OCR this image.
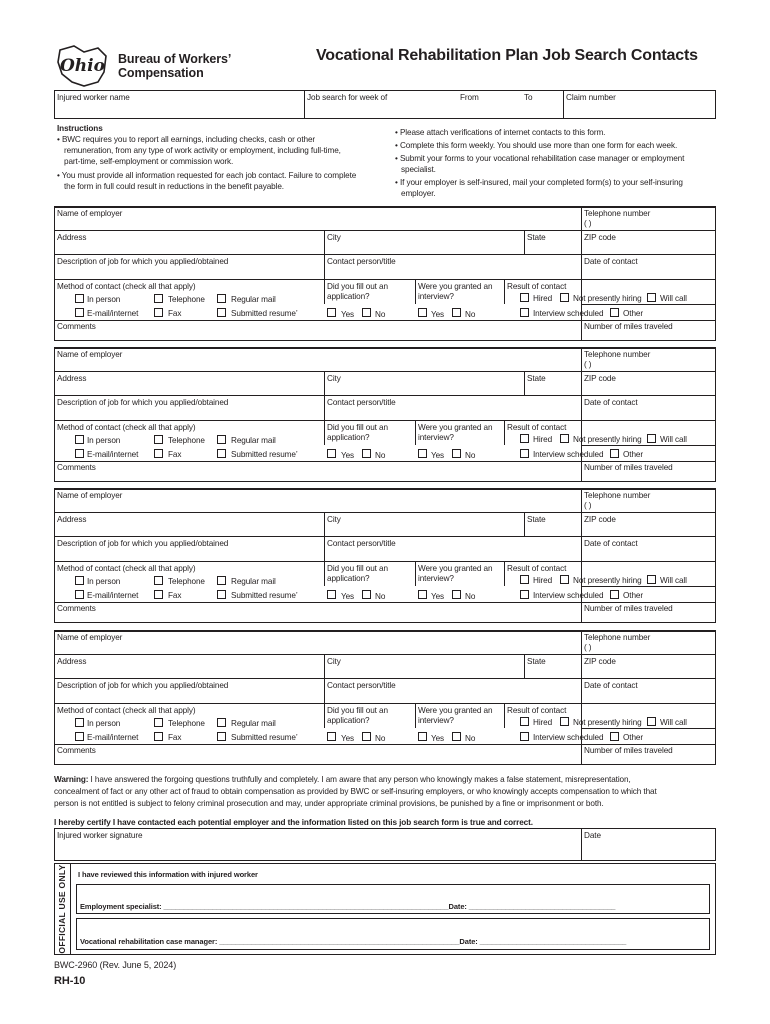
Ohio Bureau of Workers’
Compensation
Vocational Rehabilitation Plan Job Search Contacts
Injured worker name	Job search for week of	From	To	Claim number
Instructions
• BWC requires you to report all earnings, including checks, cash or other
remuneration, from any type of work activity or employment, including full-time,
part-time, self-employment or commission work.
• You must provide all information requested for each job contact. Failure to complete
the form in full could result in reductions in the benefit payable.
• Please attach verifications of internet contacts to this form.
• Complete this form weekly. You should use more than one form for each week.
• Submit your forms to your vocational rehabilitation case manager or employment
specialist.
• If your employer is self-insured, mail your completed form(s) to your self-insuring
employer.
Name of employer	Telephone number
( )
Address	City	State	ZIP code
Description of job for which you applied/obtained	Contact person/title	Date of contact
Method of contact (check all that apply)
In person	Telephone	Regular mail
E-mail/internet	Fax	Submitted resume’
Did you fill out an
application?
Yes	No
Were you granted an
interview?
Yes	No
Result of contact
Hired	Not presently hiring Will call
Interview scheduled Other
Comments	Number of miles traveled
Name of employer	Telephone number
( )
Address	City	State	ZIP code
Description of job for which you applied/obtained	Contact person/title	Date of contact
Method of contact (check all that apply)
In person	Telephone	Regular mail
E-mail/internet	Fax	Submitted resume’
Did you fill out an
application?
Yes	No
Were you granted an
interview?
Yes	No
Result of contact
Hired	Not presently hiring Will call
Interview scheduled Other
Comments	Number of miles traveled
Name of employer	Telephone number
( )
Address	City	State	ZIP code
Description of job for which you applied/obtained	Contact person/title	Date of contact
Method of contact (check all that apply)
In person	Telephone	Regular mail
E-mail/internet	Fax	Submitted resume’
Did you fill out an
application?
Yes	No
Were you granted an
interview?
Yes	No
Result of contact
Hired	Not presently hiring Will call
Interview scheduled Other
Comments	Number of miles traveled
Name of employer	Telephone number
( )
Address	City	State	ZIP code
Description of job for which you applied/obtained	Contact person/title	Date of contact
Method of contact (check all that apply)
In person	Telephone	Regular mail
E-mail/internet	Fax	Submitted resume’
Did you fill out an
application?
Yes	No
Were you granted an
interview?
Yes	No
Result of contact
Hired	Not presently hiring Will call
Interview scheduled Other
Comments	Number of miles traveled
Warning: I have answered the forgoing questions truthfully and completely. I am aware that any person who knowingly makes a false statement, misrepresentation,
concealment of fact or any other act of fraud to obtain compensation as provided by BWC or self-insuring employers, or who knowingly accepts compensation to which that
person is not entitled is subject to felony criminal prosecution and may, under appropriate criminal provisions, be punished by a fine or imprisonment or both.
I hereby certify I have contacted each potential employer and the information listed on this job search form is true and correct.
Injured worker signature	Date
OFFICIAL USE ONLY I have reviewed this information with injured worker
Employment specialist: ______________________________________________________________________Date: ____________________________________
Vocational rehabilitation case manager: ___________________________________________________________Date: ____________________________________
BWC-2960 (Rev. June 5, 2024)
RH-10
